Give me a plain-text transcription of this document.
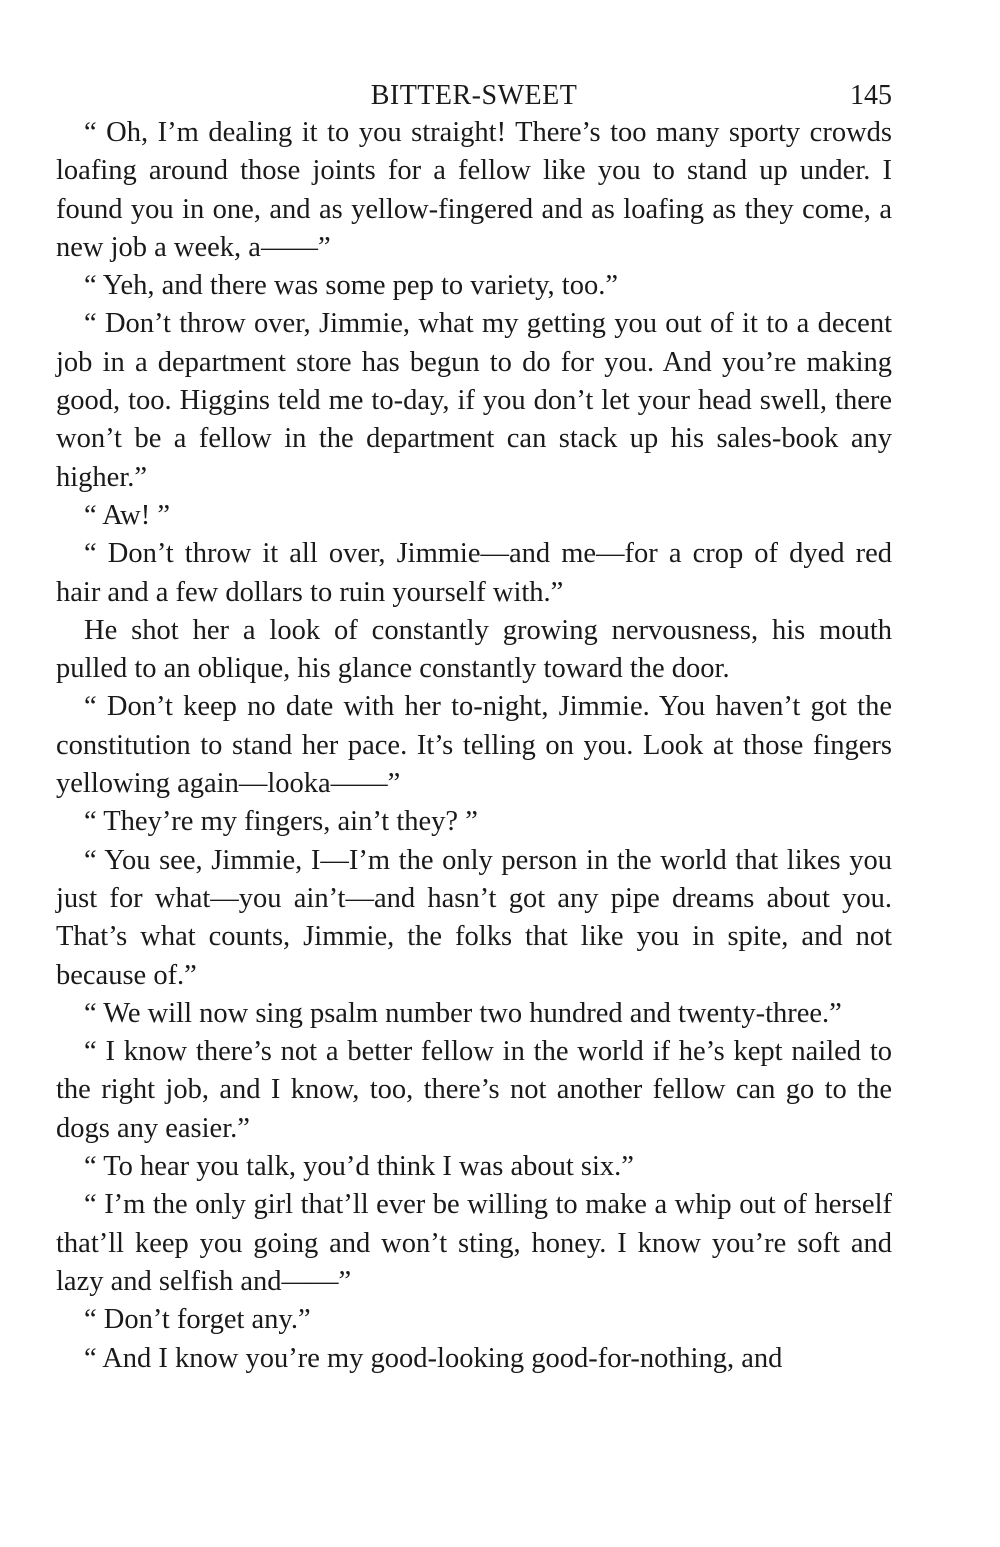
BITTER-SWEET	145

“ Oh, I’m dealing it to you straight! There’s too many sporty crowds loafing around those joints for a fellow like you to stand up under. I found you in one, and as yellow-fingered and as loafing as they come, a new job a week, a——”

“ Yeh, and there was some pep to variety, too.”

“ Don’t throw over, Jimmie, what my getting you out of it to a decent job in a department store has begun to do for you. And you’re making good, too. Higgins teld me to-day, if you don’t let your head swell, there won’t be a fellow in the department can stack up his sales-book any higher.”

“ Aw! ”

“ Don’t throw it all over, Jimmie—and me—for a crop of dyed red hair and a few dollars to ruin yourself with.”

He shot her a look of constantly growing nervousness, his mouth pulled to an oblique, his glance constantly toward the door.

“ Don’t keep no date with her to-night, Jimmie. You haven’t got the constitution to stand her pace. It’s telling on you. Look at those fingers yellowing again—looka——”

“ They’re my fingers, ain’t they? ”

“ You see, Jimmie, I—I’m the only person in the world that likes you just for what—you ain’t—and hasn’t got any pipe dreams about you. That’s what counts, Jimmie, the folks that like you in spite, and not because of.”

“ We will now sing psalm number two hundred and twenty-three.”

“ I know there’s not a better fellow in the world if he’s kept nailed to the right job, and I know, too, there’s not another fellow can go to the dogs any easier.”

“ To hear you talk, you’d think I was about six.”

“ I’m the only girl that’ll ever be willing to make a whip out of herself that’ll keep you going and won’t sting, honey. I know you’re soft and lazy and selfish and——”

“ Don’t forget any.”

“ And I know you’re my good-looking good-for-nothing, and
